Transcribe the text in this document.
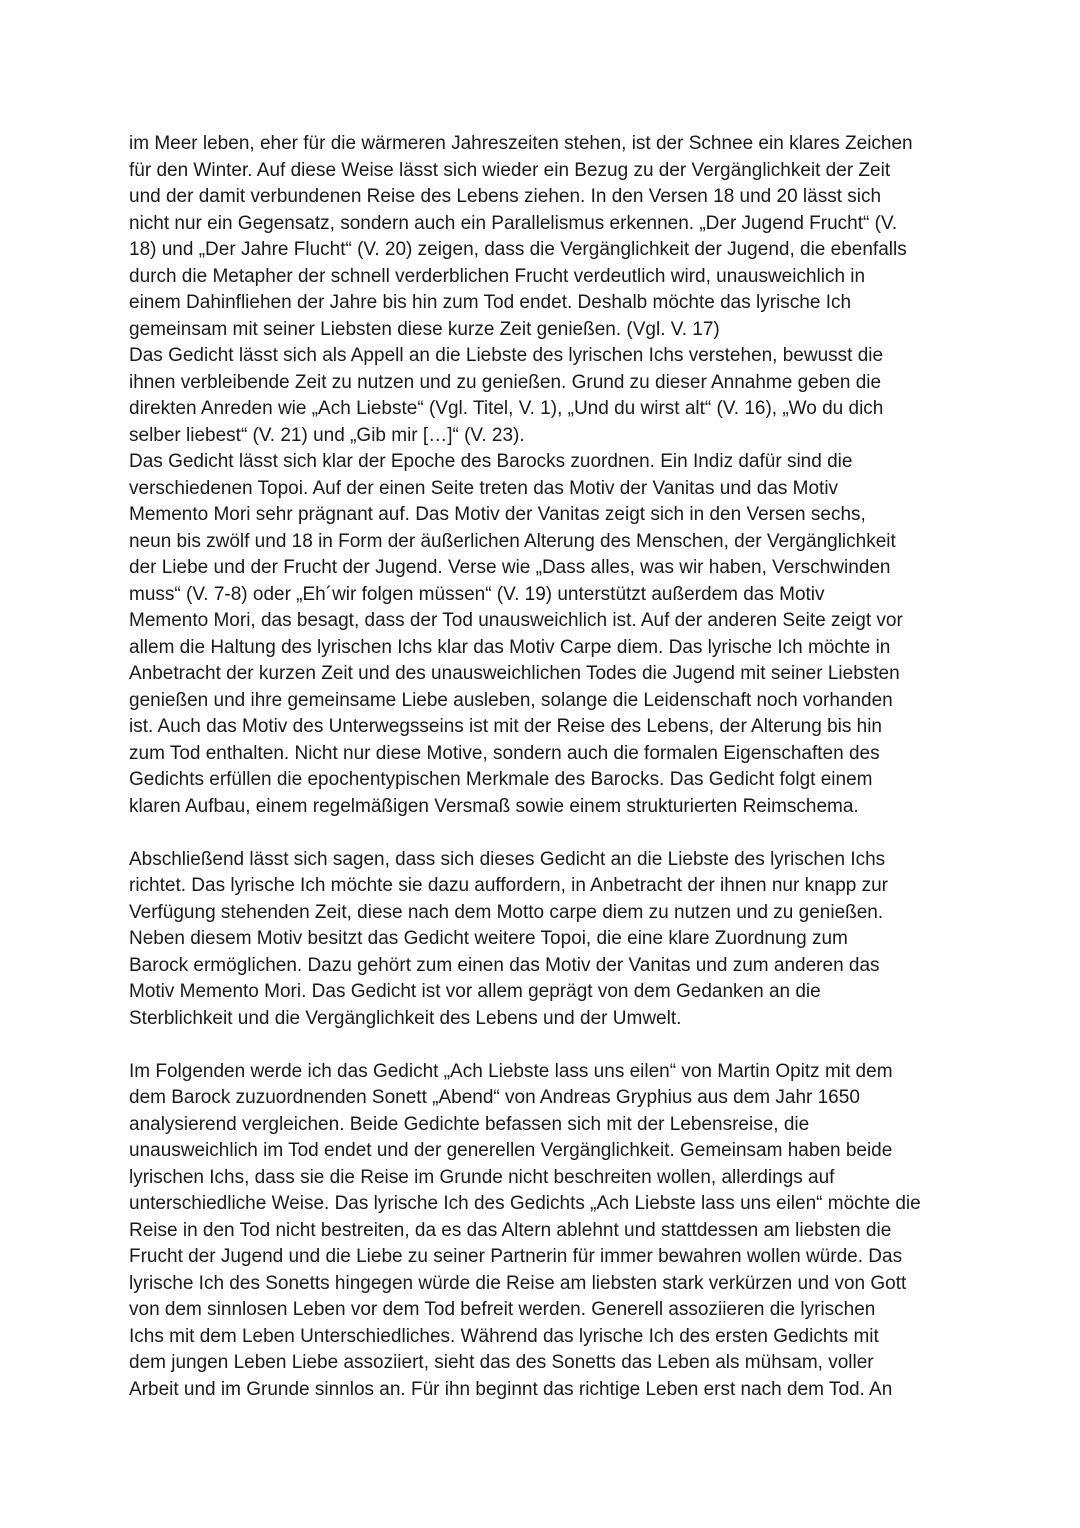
im Meer leben, eher für die wärmeren Jahreszeiten stehen, ist der Schnee ein klares Zeichen
für den Winter. Auf diese Weise lässt sich wieder ein Bezug zu der Vergänglichkeit der Zeit
und der damit verbundenen Reise des Lebens ziehen. In den Versen 18 und 20 lässt sich
nicht nur ein Gegensatz, sondern auch ein Parallelismus erkennen. „Der Jugend Frucht“ (V.
18) und „Der Jahre Flucht“ (V. 20) zeigen, dass die Vergänglichkeit der Jugend, die ebenfalls
durch die Metapher der schnell verderblichen Frucht verdeutlich wird, unausweichlich in
einem Dahinfliehen der Jahre bis hin zum Tod endet. Deshalb möchte das lyrische Ich
gemeinsam mit seiner Liebsten diese kurze Zeit genießen. (Vgl. V. 17)
Das Gedicht lässt sich als Appell an die Liebste des lyrischen Ichs verstehen, bewusst die
ihnen verbleibende Zeit zu nutzen und zu genießen. Grund zu dieser Annahme geben die
direkten Anreden wie „Ach Liebste“ (Vgl. Titel, V. 1), „Und du wirst alt“ (V. 16), „Wo du dich
selber liebest“ (V. 21) und „Gib mir […]“ (V. 23).
Das Gedicht lässt sich klar der Epoche des Barocks zuordnen. Ein Indiz dafür sind die
verschiedenen Topoi. Auf der einen Seite treten das Motiv der Vanitas und das Motiv
Memento Mori sehr prägnant auf. Das Motiv der Vanitas zeigt sich in den Versen sechs,
neun bis zwölf und 18 in Form der äußerlichen Alterung des Menschen, der Vergänglichkeit
der Liebe und der Frucht der Jugend. Verse wie „Dass alles, was wir haben, Verschwinden
muss“ (V. 7-8) oder „Eh´wir folgen müssen“ (V. 19) unterstützt außerdem das Motiv
Memento Mori, das besagt, dass der Tod unausweichlich ist. Auf der anderen Seite zeigt vor
allem die Haltung des lyrischen Ichs klar das Motiv Carpe diem. Das lyrische Ich möchte in
Anbetracht der kurzen Zeit und des unausweichlichen Todes die Jugend mit seiner Liebsten
genießen und ihre gemeinsame Liebe ausleben, solange die Leidenschaft noch vorhanden
ist. Auch das Motiv des Unterwegsseins ist mit der Reise des Lebens, der Alterung bis hin
zum Tod enthalten. Nicht nur diese Motive, sondern auch die formalen Eigenschaften des
Gedichts erfüllen die epochentypischen Merkmale des Barocks. Das Gedicht folgt einem
klaren Aufbau, einem regelmäßigen Versmaß sowie einem strukturierten Reimschema.
Abschließend lässt sich sagen, dass sich dieses Gedicht an die Liebste des lyrischen Ichs
richtet. Das lyrische Ich möchte sie dazu auffordern, in Anbetracht der ihnen nur knapp zur
Verfügung stehenden Zeit, diese nach dem Motto carpe diem zu nutzen und zu genießen.
Neben diesem Motiv besitzt das Gedicht weitere Topoi, die eine klare Zuordnung zum
Barock ermöglichen. Dazu gehört zum einen das Motiv der Vanitas und zum anderen das
Motiv Memento Mori. Das Gedicht ist vor allem geprägt von dem Gedanken an die
Sterblichkeit und die Vergänglichkeit des Lebens und der Umwelt.
Im Folgenden werde ich das Gedicht „Ach Liebste lass uns eilen“ von Martin Opitz mit dem
dem Barock zuzuordnenden Sonett „Abend“ von Andreas Gryphius aus dem Jahr 1650
analysierend vergleichen. Beide Gedichte befassen sich mit der Lebensreise, die
unausweichlich im Tod endet und der generellen Vergänglichkeit. Gemeinsam haben beide
lyrischen Ichs, dass sie die Reise im Grunde nicht beschreiten wollen, allerdings auf
unterschiedliche Weise. Das lyrische Ich des Gedichts „Ach Liebste lass uns eilen“ möchte die
Reise in den Tod nicht bestreiten, da es das Altern ablehnt und stattdessen am liebsten die
Frucht der Jugend und die Liebe zu seiner Partnerin für immer bewahren wollen würde. Das
lyrische Ich des Sonetts hingegen würde die Reise am liebsten stark verkürzen und von Gott
von dem sinnlosen Leben vor dem Tod befreit werden. Generell assoziieren die lyrischen
Ichs mit dem Leben Unterschiedliches. Während das lyrische Ich des ersten Gedichts mit
dem jungen Leben Liebe assoziiert, sieht das des Sonetts das Leben als mühsam, voller
Arbeit und im Grunde sinnlos an. Für ihn beginnt das richtige Leben erst nach dem Tod. An
